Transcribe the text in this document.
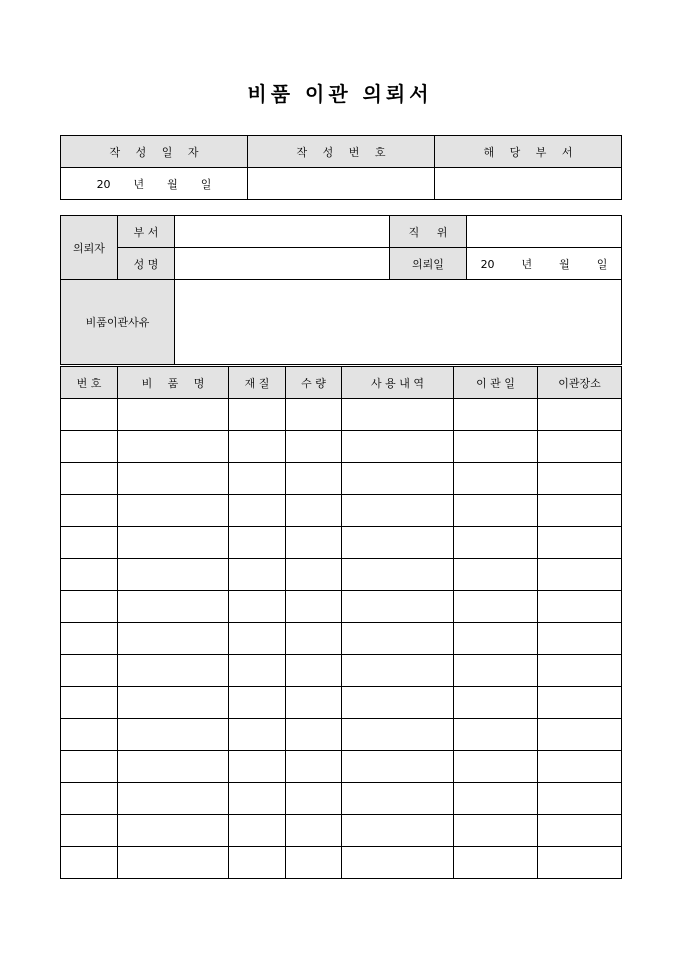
비품 이관 의뢰서
작 성 일 자	작 성 번 호	해 당 부 서
20  년  월  일		
의뢰자	부 서		직 위	
	성 명		의뢰일	20  년  월  일
비품이관사유				
번 호	비 품 명	재 질	수 량	사 용 내 역	이 관 일	이관장소
